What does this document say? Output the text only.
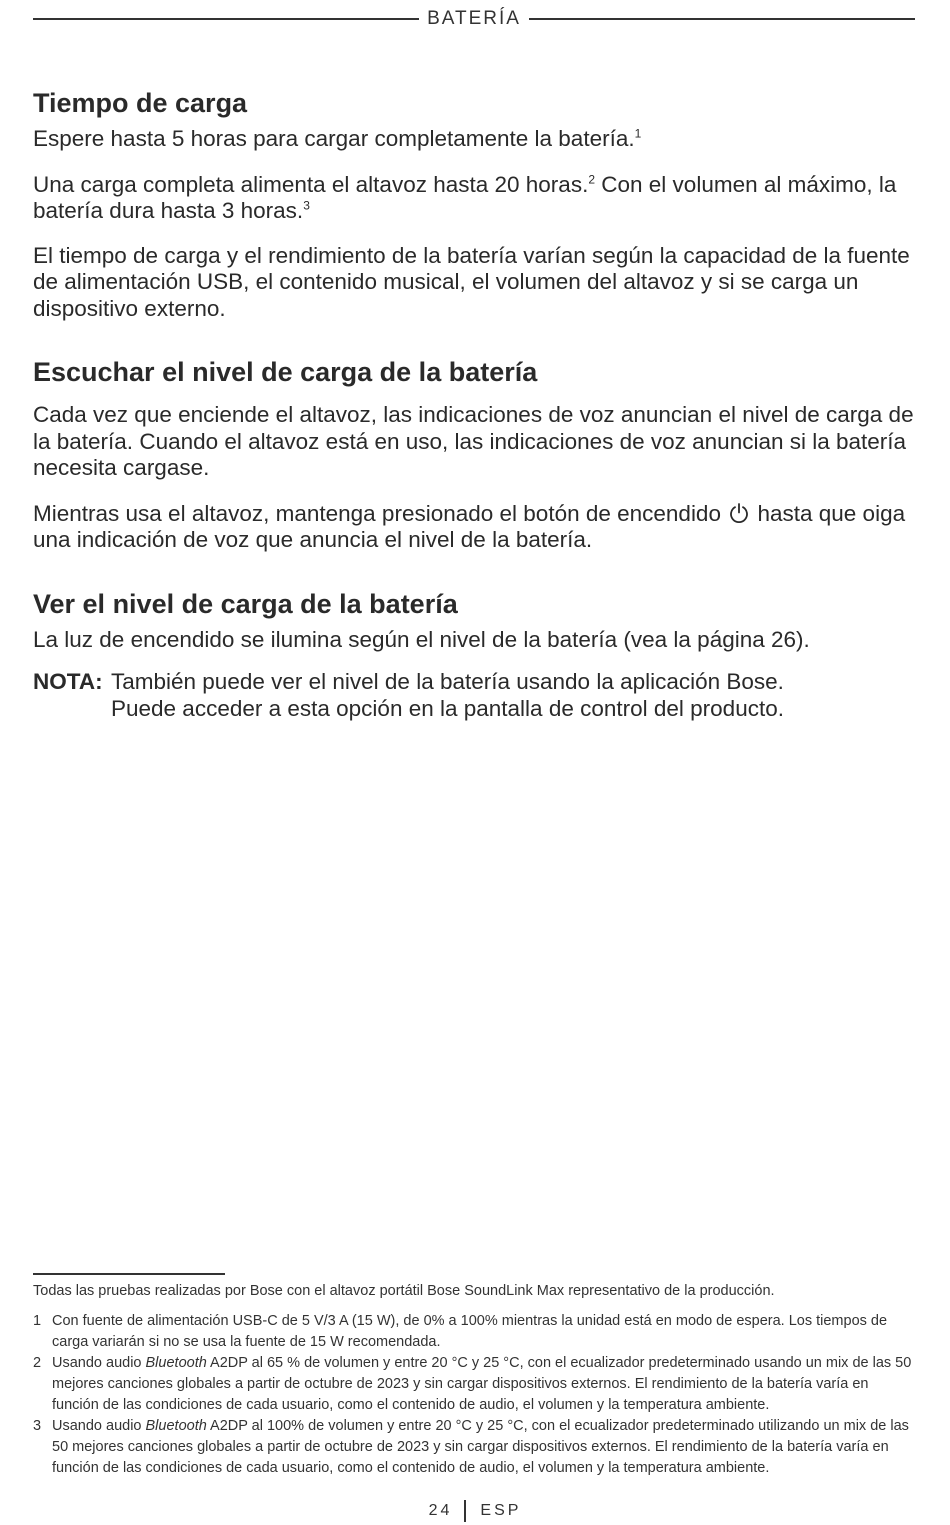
BATERÍA
Tiempo de carga

Espere hasta 5 horas para cargar completamente la batería.$^1$

Una carga completa alimenta el altavoz hasta 20 horas.$^2$ Con el volumen al máximo, la batería dura hasta 3 horas.$^3$

El tiempo de carga y el rendimiento de la batería varían según la capacidad de la fuente de alimentación USB, el contenido musical, el volumen del altavoz y si se carga un dispositivo externo.

Escuchar el nivel de carga de la batería

Cada vez que enciende el altavoz, las indicaciones de voz anuncian el nivel de carga de la batería. Cuando el altavoz está en uso, las indicaciones de voz anuncian si la batería necesita cargase.

Mientras usa el altavoz, mantenga presionado el botón de encendido  hasta que oiga una indicación de voz que anuncia el nivel de la batería.

Ver el nivel de carga de la batería

La luz de encendido se ilumina según el nivel de la batería (vea la página 26).

NOTA: También puede ver el nivel de la batería usando la aplicación Bose.
Puede acceder a esta opción en la pantalla de control del producto.
Todas las pruebas realizadas por Bose con el altavoz portátil Bose SoundLink Max representativo de la producción.
1 Con fuente de alimentación USB-C de 5 V/3 A (15 W), de 0% a 100% mientras la unidad está en modo de espera. Los tiempos de carga variarán si no se usa la fuente de 15 W recomendada.
2 Usando audio Bluetooth A2DP al 65 % de volumen y entre 20 °C y 25 °C, con el ecualizador predeterminado usando un mix de las 50 mejores canciones globales a partir de octubre de 2023 y sin cargar dispositivos externos. El rendimiento de la batería varía en función de las condiciones de cada usuario, como el contenido de audio, el volumen y la temperatura ambiente.
3 Usando audio Bluetooth A2DP al 100% de volumen y entre 20 °C y 25 °C, con el ecualizador predeterminado utilizando un mix de las 50 mejores canciones globales a partir de octubre de 2023 y sin cargar dispositivos externos. El rendimiento de la batería varía en función de las condiciones de cada usuario, como el contenido de audio, el volumen y la temperatura ambiente.
24 ESP
